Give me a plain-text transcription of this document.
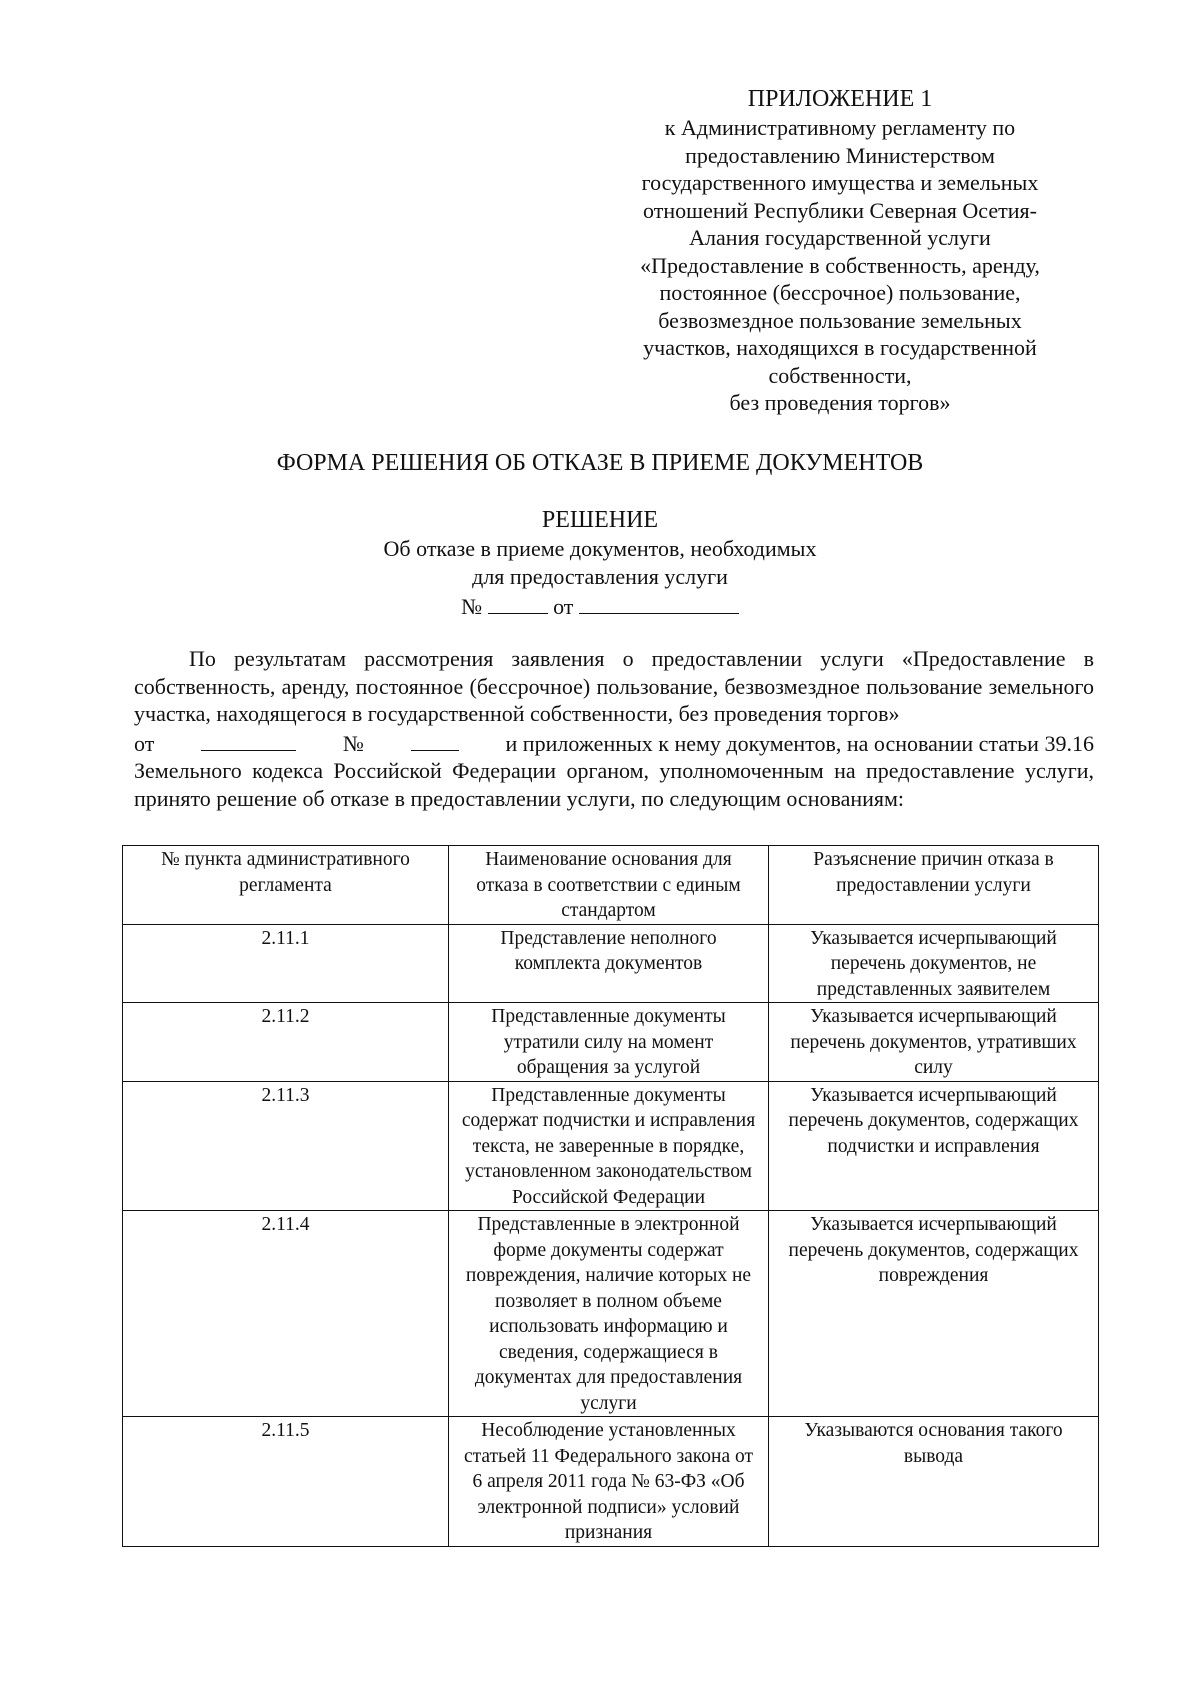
ПРИЛОЖЕНИЕ 1
к Административному регламенту по
предоставлению Министерством
государственного имущества и земельных
отношений Республики Северная Осетия-
Алания государственной услуги
«Предоставление в собственность, аренду,
постоянное (бессрочное) пользование,
безвозмездное пользование земельных
участков, находящихся в государственной
собственности,
без проведения торгов»
ФОРМА РЕШЕНИЯ ОБ ОТКАЗЕ В ПРИЕМЕ ДОКУМЕНТОВ
РЕШЕНИЕ
Об отказе в приеме документов, необходимых
для предоставления услуги
№	от

По результатам рассмотрения заявления о предоставлении услуги «Предоставление в собственность, аренду, постоянное (бессрочное) пользование, безвозмездное пользование земельного участка, находящегося в государственной собственности, без проведения торгов»

от	№	и приложенных к нему документов, на основании статьи 39.16

Земельного кодекса Российской Федерации органом, уполномоченным на предоставление услуги, принято решение об отказе в предоставлении услуги, по следующим основаниям:

№ пункта административного регламента	Наименование основания для отказа в соответствии с единым стандартом	Разъяснение причин отказа в предоставлении услуги
2.11.1	Представление неполного комплекта документов	Указывается исчерпывающий перечень документов, не представленных заявителем
2.11.2	Представленные документы утратили силу на момент обращения за услугой	Указывается исчерпывающий перечень документов, утративших силу
2.11.3	Представленные документы содержат подчистки и исправления текста, не заверенные в порядке, установленном законодательством Российской Федерации	Указывается исчерпывающий перечень документов, содержащих подчистки и исправления
2.11.4	Представленные в электронной форме документы содержат повреждения, наличие которых не позволяет в полном объеме использовать информацию и сведения, содержащиеся в документах для предоставления услуги	Указывается исчерпывающий перечень документов, содержащих повреждения
2.11.5	Несоблюдение установленных статьей 11 Федерального закона от 6 апреля 2011 года № 63-ФЗ «Об электронной подписи» условий признания	Указываются основания такого вывода
